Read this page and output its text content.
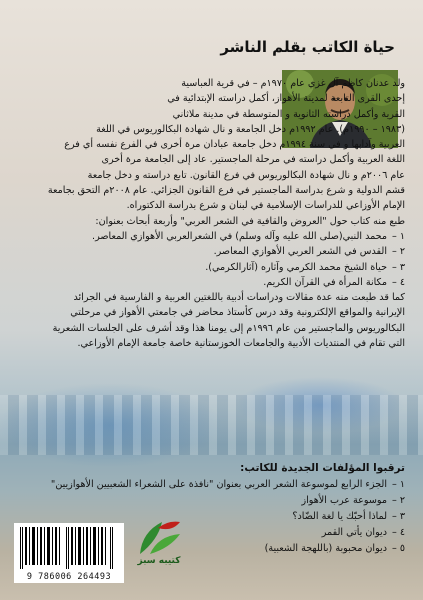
حياة الكاتب بقلم الناشر

ولد عدنان كاظم آل غزي عام ١٩٧٠م – في قرية العباسية

إحدى القرى التابعة لمدينة الأهواز، أكمل دراسته الإبتدائية في

القرية وأكمل دراسته الثانوية و المتوسطة في مدينة ملاثاني

(١٩٨٣ – ١٩٩٠م). عام ١٩٩٢م دخل الجامعة و نال شهادة البكالوريوس في اللغة

العربية وآدابها و في سنة ١٩٩٤م دخل جامعة عبادان مرة أخرى في الفرع نفسه أي فرع

اللغة العربية وأكمل دراسته في مرحلة الماجستير. عاد إلى الجامعة مرة أخرى

عام ٢٠٠٦م و نال شهادة البكالوريوس في فرع القانون. تابع دراسته و دخل جامعة

قشم الدولية و شرع بدراسة الماجستير في فرع القانون الجزائي. عام ٢٠٠٨م التحق بجامعة

الإمام الأوزاعي للدراسات الإسلامية في لبنان و شرع بدراسة الدكتوراه.

طبع منه كتاب حول "العروض والقافية في الشعر العربي" وأربعة أبحاث بعنوان:

١ –
محمد النبي(صلى الله عليه وآله وسلم) في الشعرالعربي الأهوازي المعاصر.
٢ –
القدس في الشعر العربي الأهوازي المعاصر.
٣ –
حياة الشيخ محمد الكرمي وآثاره (آثارالكرمي).
٤ –
مكانة المرأة في القرآن الكريم.

كما قد طبعت منه عدة مقالات ودراسات أدبية باللغتين العربية و الفارسية في الجرائد

الإيرانية والمواقع الإلكترونية وقد درس كأستاذ محاضر في جامعتي الأهواز في مرحلتي

البكالوريوس والماجستير من عام ١٩٩٦م إلى يومنا هذا وقد أشرف على الجلسات الشعرية

التي تقام في المنتديات الأدبية والجامعات الخوزستانية خاصة جامعة الإمام الأوزاعي.

ترقبوا المؤلفات الجديدة للكاتب:
١ –
الجزء الرابع لموسوعة الشعر العربي بعنوان "نافذة على الشعراء الشعبيين الأهوازيين"
٢ –
موسوعة عرب الأهواز
٣ –
لماذا أحبّك يا لغة الضّاد؟
٤ –
ديوان يأتي القمر
٥ –
ديوان محبوبة (باللهجة الشعبية)
9 786006 264493
كتيبه سبز
